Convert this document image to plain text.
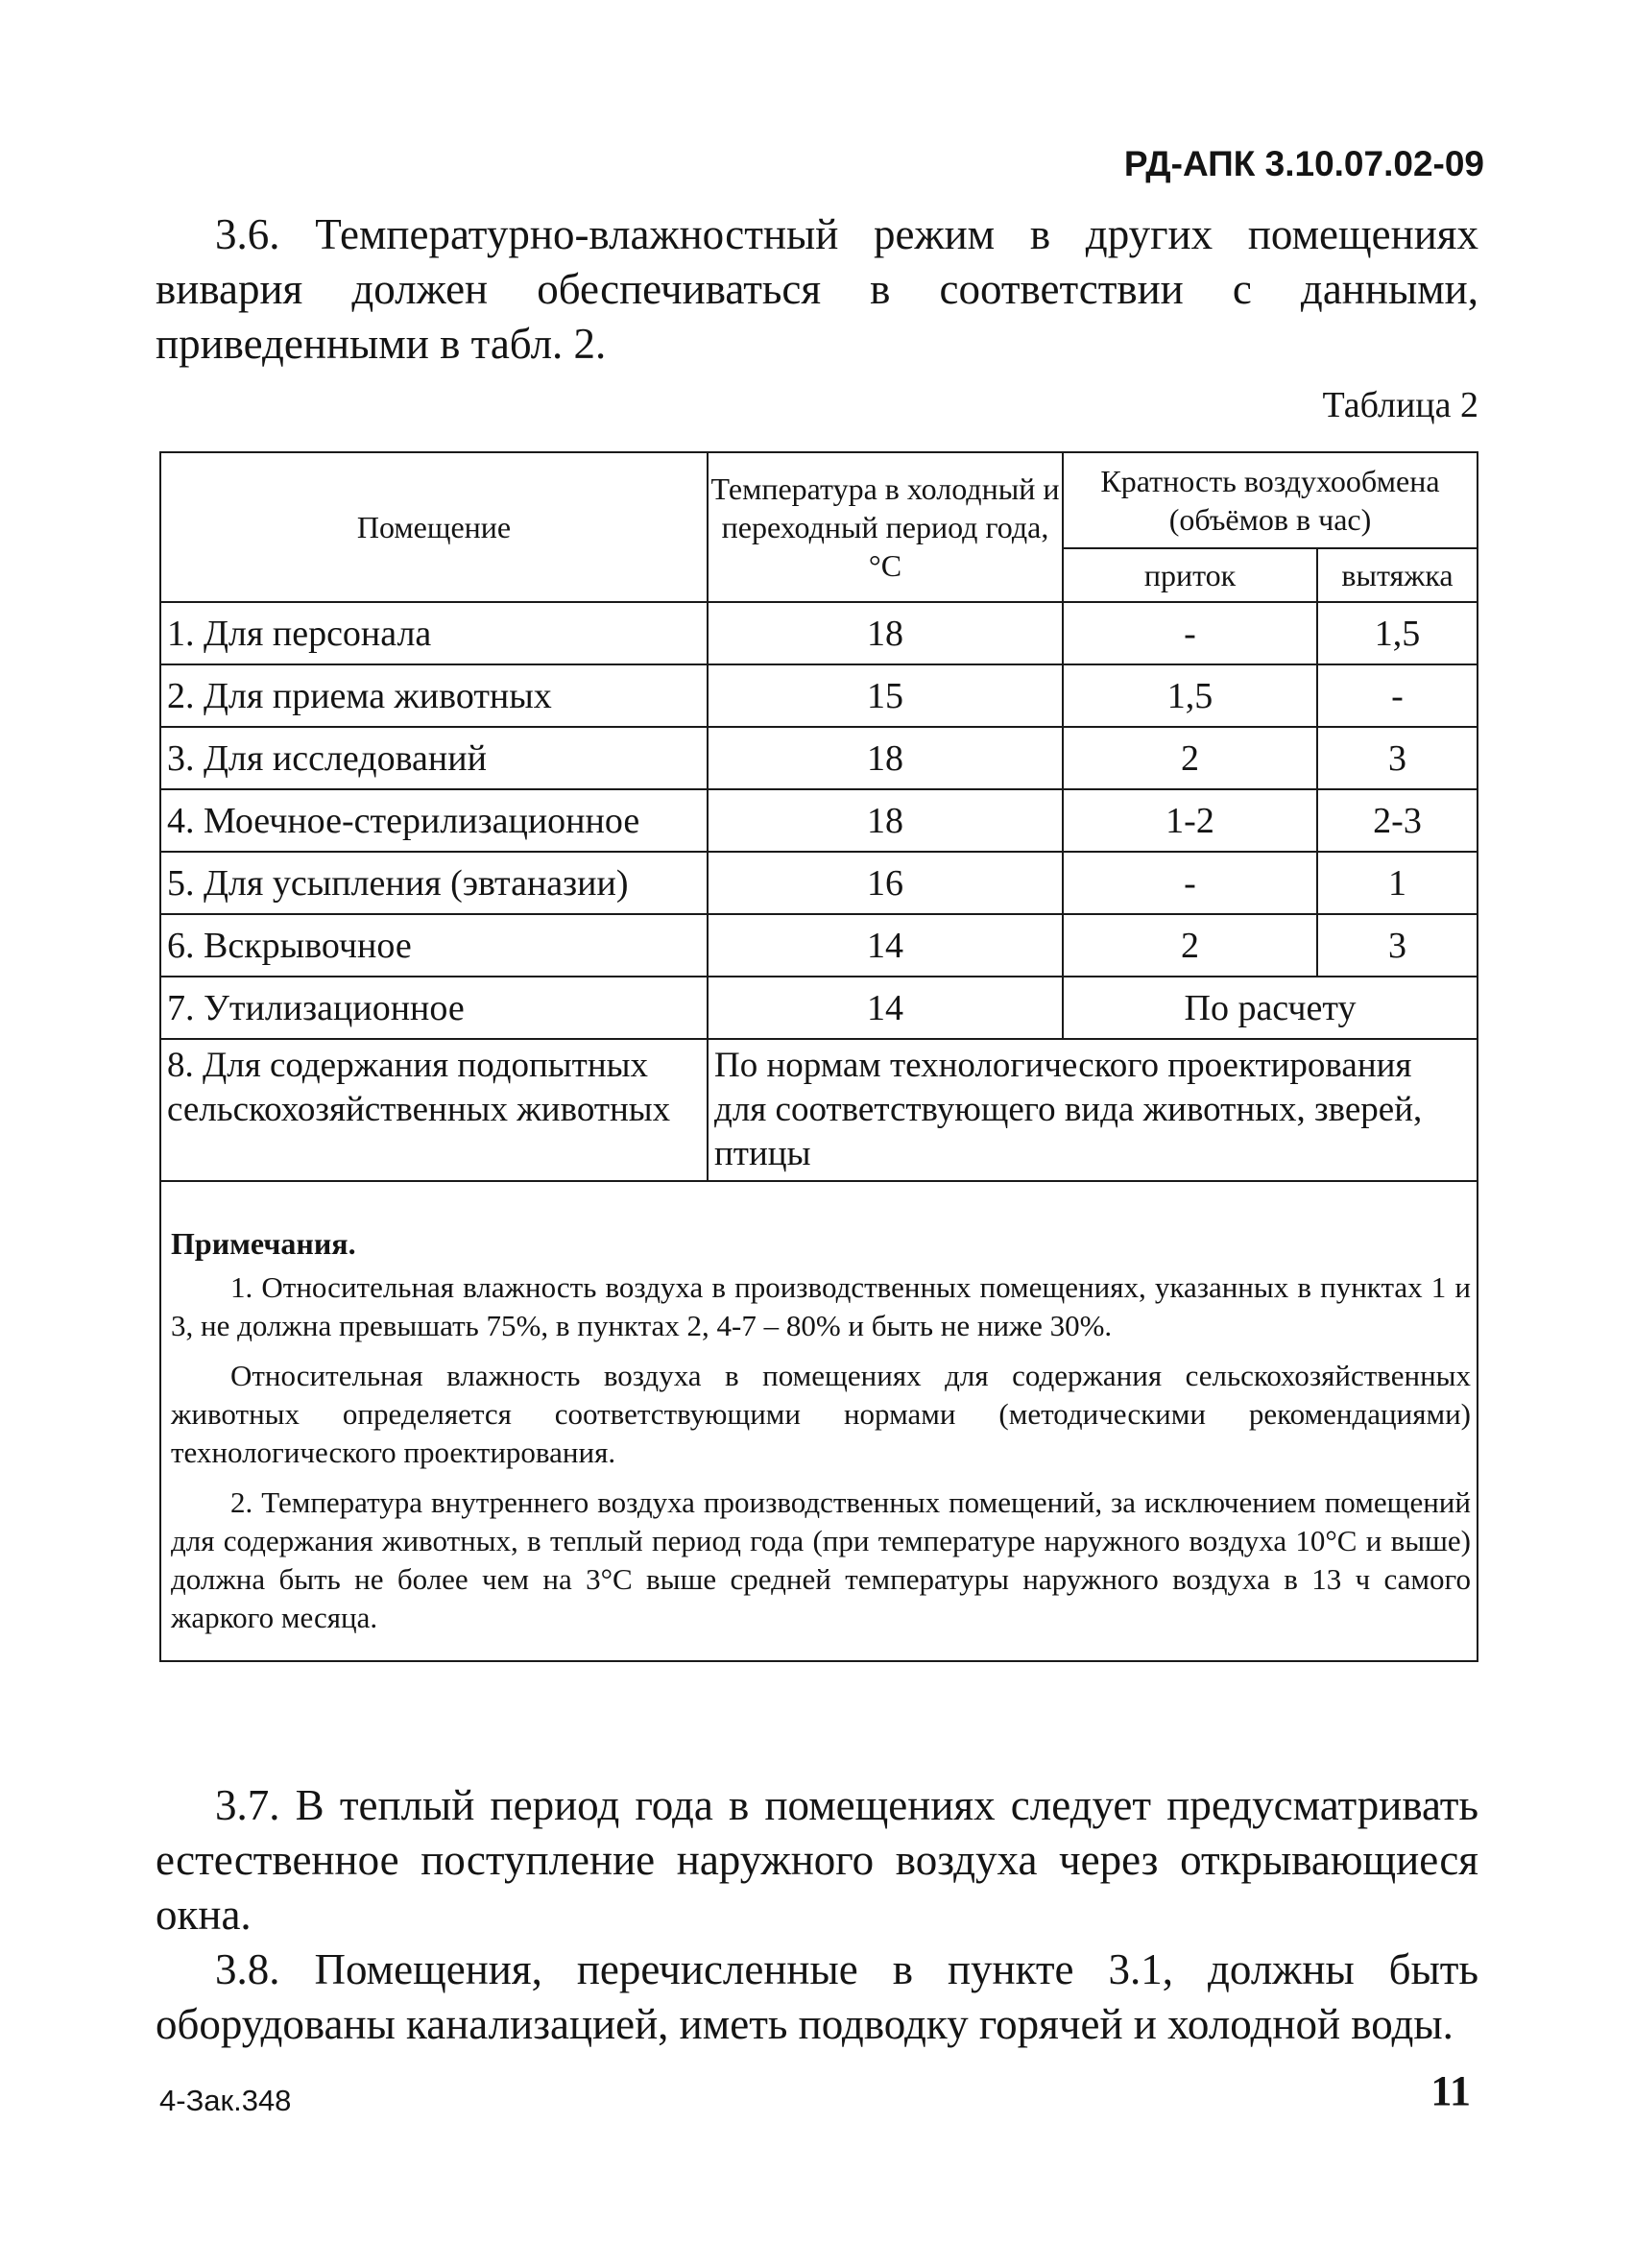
РД-АПК 3.10.07.02-09

3.6. Температурно-влажностный режим в других помещениях вивария должен обеспечиваться в соответствии с данными, приведенными в табл. 2.

Таблица 2
Помещение	Температура в холодный и переходный период года, °С	Кратность воздухообмена (объёмов в час)	
		приток	вытяжка
1. Для персонала	18	-	1,5
2. Для приема животных	15	1,5	-
3. Для исследований	18	2	3
4. Моечное-стерилизационное	18	1-2	2-3
5. Для усыпления (эвтаназии)	16	-	1
6. Вскрывочное	14	2	3
7. Утилизационное	14	По расчету	
8. Для содержания подопытных сельскохозяйственных животных	По нормам технологического проектирования для соответствующего вида животных, зверей, птицы		

Примечания.

1. Относительная влажность воздуха в производственных помещениях, указанных в пунктах 1 и 3, не должна превышать 75%, в пунктах 2, 4-7 – 80% и быть не ниже 30%.

Относительная влажность воздуха в помещениях для содержания сельскохозяйственных животных определяется соответствующими нормами (методическими рекомендациями) технологического проектирования.

2. Температура внутреннего воздуха производственных помещений, за исключением помещений для содержания животных, в теплый период года (при температуре наружного воздуха 10°С и выше) должна быть не более чем на 3°С выше средней температуры наружного воздуха в 13 ч самого жаркого месяца.			

3.7. В теплый период года в помещениях следует предусматривать естественное поступление наружного воздуха через открывающиеся окна.

3.8. Помещения, перечисленные в пункте 3.1, должны быть оборудованы канализацией, иметь подводку горячей и холодной воды.

4-Зак.348	11
